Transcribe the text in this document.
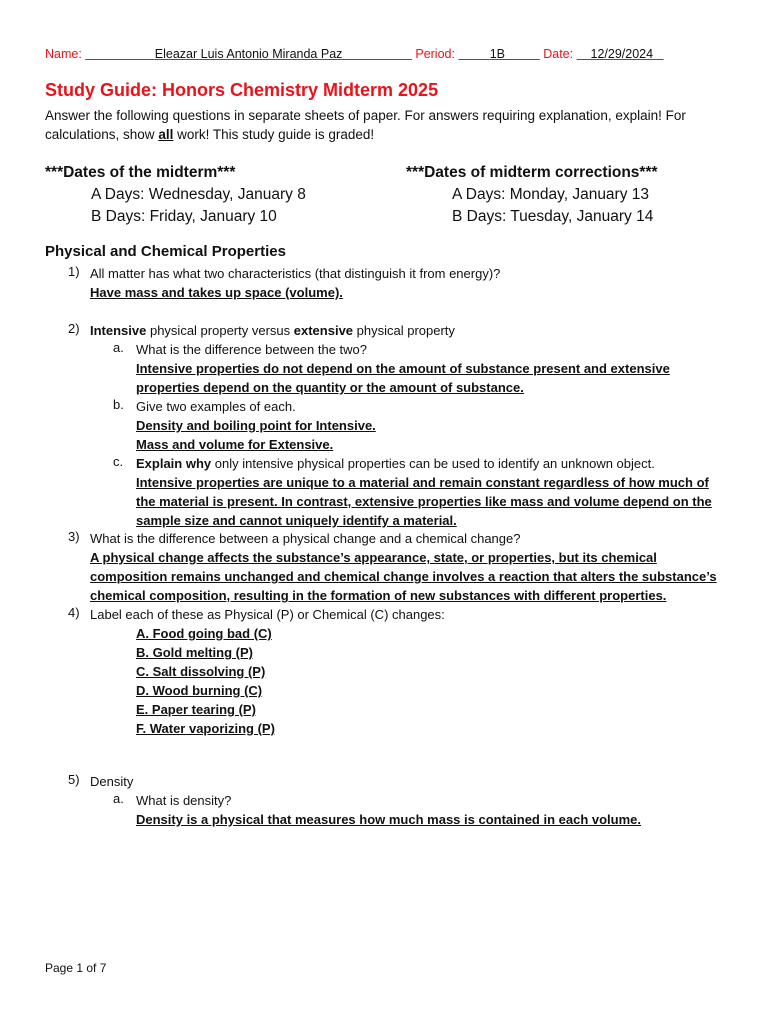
Name:	Eleazar Luis Antonio Miranda Paz	Period:	1B	Date: 12/29/2024
Study Guide: Honors Chemistry Midterm 2025
Answer the following questions in separate sheets of paper. For answers requiring explanation, explain! For calculations, show all work! This study guide is graded!
***Dates of the midterm***
A Days: Wednesday, January 8
B Days: Friday, January 10
***Dates of midterm corrections***
A Days: Monday, January 13
B Days: Tuesday, January 14
Physical and Chemical Properties
1) All matter has what two characteristics (that distinguish it from energy)?
Have mass and takes up space (volume).
2) Intensive physical property versus extensive physical property
a. What is the difference between the two?
Intensive properties do not depend on the amount of substance present and extensive
properties depend on the quantity or the amount of substance.
b. Give two examples of each.
Density and boiling point for Intensive.
Mass and volume for Extensive.
c. Explain why only intensive physical properties can be used to identify an unknown object.
Intensive properties are unique to a material and remain constant regardless of how much of
the material is present. In contrast, extensive properties like mass and volume depend on the
sample size and cannot uniquely identify a material.
3) What is the difference between a physical change and a chemical change?
A physical change affects the substance’s appearance, state, or properties, but its chemical
composition remains unchanged and chemical change involves a reaction that alters the substance’s
chemical composition, resulting in the formation of new substances with different properties.
4) Label each of these as Physical (P) or Chemical (C) changes:
A. Food going bad (C)
B. Gold melting (P)
C. Salt dissolving (P)
D. Wood burning (C)
E. Paper tearing (P)
F. Water vaporizing (P)
5) Density
a. What is density?
Density is a physical that measures how much mass is contained in each volume.
Page 1 of 7
